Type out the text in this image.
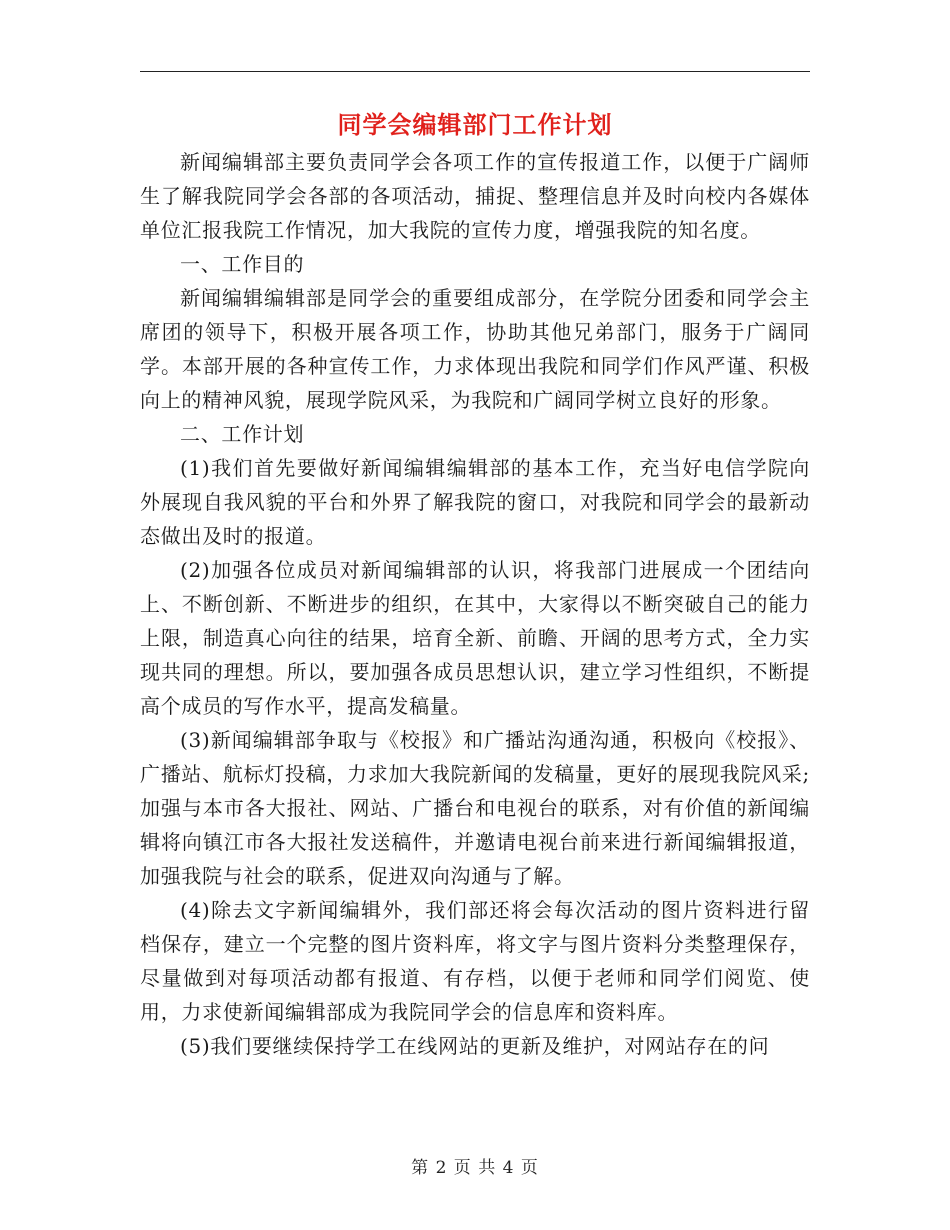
同学会编辑部门工作计划

新闻编辑部主要负责同学会各项工作的宣传报道工作，以便于广阔师生了解我院同学会各部的各项活动，捕捉、整理信息并及时向校内各媒体单位汇报我院工作情况，加大我院的宣传力度，增强我院的知名度。

一、工作目的

新闻编辑编辑部是同学会的重要组成部分，在学院分团委和同学会主席团的领导下，积极开展各项工作，协助其他兄弟部门，服务于广阔同学。本部开展的各种宣传工作，力求体现出我院和同学们作风严谨、积极向上的精神风貌，展现学院风采，为我院和广阔同学树立良好的形象。

二、工作计划

(1)我们首先要做好新闻编辑编辑部的基本工作，充当好电信学院向外展现自我风貌的平台和外界了解我院的窗口，对我院和同学会的最新动态做出及时的报道。

(2)加强各位成员对新闻编辑部的认识，将我部门进展成一个团结向上、不断创新、不断进步的组织，在其中，大家得以不断突破自己的能力上限，制造真心向往的结果，培育全新、前瞻、开阔的思考方式，全力实现共同的理想。所以，要加强各成员思想认识，建立学习性组织，不断提高个成员的写作水平，提高发稿量。

(3)新闻编辑部争取与《校报》和广播站沟通沟通，积极向《校报》、广播站、航标灯投稿，力求加大我院新闻的发稿量，更好的展现我院风采;加强与本市各大报社、网站、广播台和电视台的联系，对有价值的新闻编辑将向镇江市各大报社发送稿件，并邀请电视台前来进行新闻编辑报道，加强我院与社会的联系，促进双向沟通与了解。

(4)除去文字新闻编辑外，我们部还将会每次活动的图片资料进行留档保存，建立一个完整的图片资料库，将文字与图片资料分类整理保存，尽量做到对每项活动都有报道、有存档，以便于老师和同学们阅览、使用，力求使新闻编辑部成为我院同学会的信息库和资料库。

(5)我们要继续保持学工在线网站的更新及维护，对网站存在的问

第 2 页 共 4 页
